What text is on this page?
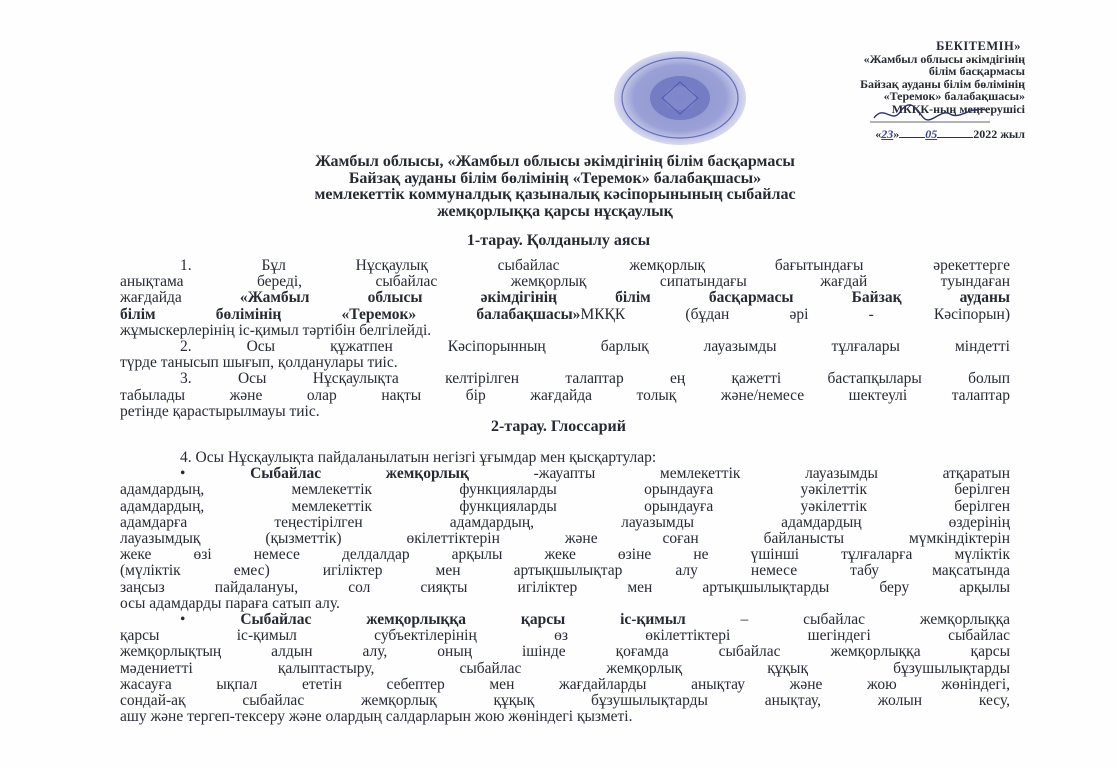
БЕКІТЕМІН»
«Жамбыл облысы әкімдігінің
білім басқармасы
Байзақ ауданы білім бөлімінің
«Теремок» балабақшасы»
МКҚК-ның меңгерушісі

«23» 05	2022 жыл
Жамбыл облысы, «Жамбыл облысы әкімдігінің білім басқармасы
Байзақ ауданы білім бөлімінің «Теремок» балабақшасы»
мемлекеттік коммуналдық қазыналық кәсіпорынының сыбайлас
жемқорлыққа қарсы нұсқаулық
1-тарау. Қолданылу аясы
1. Бұл Нұсқаулық сыбайлас жемқорлық бағытындағы әрекеттерге
анықтама береді, сыбайлас жемқорлық сипатындағы жағдай туындаған
жағдайда «Жамбыл облысы әкімдігінің білім басқармасы Байзақ ауданы
білім бөлімінің «Теремок» балабақшасы»МКҚК (бұдан әрі - Кәсіпорын)
жұмыскерлерінің іс-қимыл тәртібін белгілейді.
2. Осы құжатпен Кәсіпорынның барлық лауазымды тұлғалары міндетті
түрде танысып шығып, қолданулары тиіс.
3. Осы Нұсқаулықта келтірілген талаптар ең қажетті бастапқылары болып
табылады және олар нақты бір жағдайда толық және/немесе шектеулі талаптар
ретінде қарастырылмауы тиіс.
2-тарау. Глоссарий
4. Осы Нұсқаулықта пайдаланылатын негізгі ұғымдар мен қысқартулар:
• Сыбайлас жемқорлық -жауапты мемлекеттік лауазымды атқаратын
адамдардың, мемлекеттік функцияларды орындауға уәкілеттік берілген
адамдардың, мемлекеттік функцияларды орындауға уәкілеттік берілген
адамдарға теңестірілген адамдардың, лауазымды адамдардың өздерінің
лауазымдық (қызметтік) өкілеттіктерін және соған байланысты мүмкіндіктерін
жеке өзі немесе делдалдар арқылы жеке өзіне не үшінші тұлғаларға мүліктік
(мүліктік емес) игіліктер мен артықшылықтар алу немесе табу мақсатында
заңсыз пайдалануы, сол сияқты игіліктер мен артықшылықтарды беру арқылы
осы адамдарды параға сатып алу.
• Сыбайлас жемқорлыққа қарсы іс-қимыл – сыбайлас жемқорлыққа
қарсы іс-қимыл субъектілерінің өз өкілеттіктері шегіндегі сыбайлас
жемқорлықтың алдын алу, оның ішінде қоғамда сыбайлас жемқорлыққа қарсы
мәдениетті қалыптастыру, сыбайлас жемқорлық құқық бұзушылықтарды
жасауға ықпал ететін себептер мен жағдайларды анықтау және жою жөніндегі,
сондай-ақ сыбайлас жемқорлық құқық бұзушылықтарды анықтау, жолын кесу,
ашу және тергеп-тексеру және олардың салдарларын жою жөніндегі қызметі.
